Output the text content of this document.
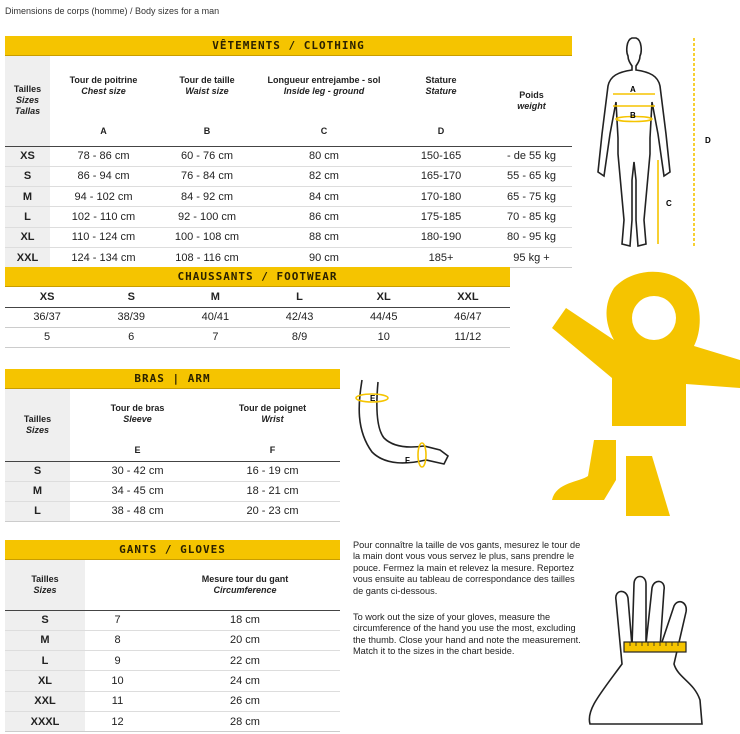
Dimensions de corps (homme) / Body sizes for a man
VÊTEMENTS / CLOTHING
Tailles
Sizes
Tallas	Tour de poitrine
Chest size	Tour de taille
Waist size	Longueur entrejambe - sol
Inside leg - ground	Stature
Stature	Poids
weight
	A	B	C	D	
XS	78 - 86 cm	60 - 76 cm	80 cm	150-165	- de 55 kg
S	86 - 94 cm	76 - 84 cm	82 cm	165-170	55 - 65 kg
M	94 - 102 cm	84 - 92 cm	84 cm	170-180	65 - 75 kg
L	102 - 110 cm	92 - 100 cm	86 cm	175-185	70 - 85 kg
XL	110 - 124 cm	100 - 108 cm	88 cm	180-190	80 - 95 kg
XXL	124 - 134 cm	108 - 116 cm	90 cm	185+	95 kg +
CHAUSSANTS / FOOTWEAR
XS	S	M	L	XL	XXL
36/37	38/39	40/41	42/43	44/45	46/47
5	6	7	8/9	10	11/12
BRAS | ARM
Tailles
Sizes	Tour de bras
Sleeve	Tour de poignet
Wrist
	E	F
S	30 - 42 cm	16 - 19 cm
M	34 - 45 cm	18 - 21 cm
L	38 - 48 cm	20 - 23 cm
GANTS / GLOVES
Tailles
Sizes		Mesure tour du gant
Circumference
S	7	18 cm
M	8	20 cm
L	9	22 cm
XL	10	24 cm
XXL	11	26 cm
XXXL	12	28 cm
Pour connaître la taille de vos gants, mesurez le tour de la main dont vous vous servez le plus, sans prendre le pouce. Fermez la main et relevez la mesure. Reportez vous ensuite au tableau de correspondance des tailles de gants ci-dessous.
To work out the size of your gloves, measure the circumference of the hand you use the most, excluding the thumb. Close your hand and note the measurement. Match it to the sizes in the chart beside.
A
B
C
D
E
F
